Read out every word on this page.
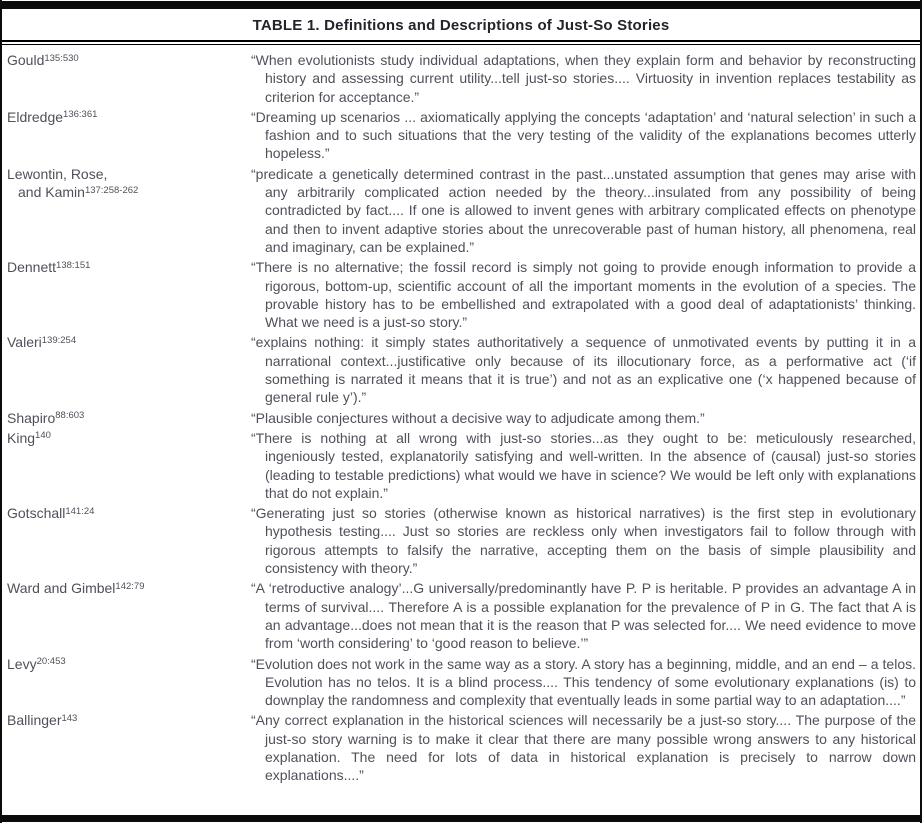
TABLE 1. Definitions and Descriptions of Just-So Stories
Gould$^{135:530}$	“When evolutionists study individual adaptations, when they explain form and behavior by reconstructing history and assessing current utility...tell just-so stories.... Virtuosity in invention replaces testability as criterion for acceptance.”

Eldredge$^{136:361}$	“Dreaming up scenarios ... axiomatically applying the concepts ‘adaptation’ and ‘natural selection’ in such a fashion and to such situations that the very testing of the validity of the explanations becomes utterly hopeless.”

Lewontin, Rose,
and Kamin$^{137:258-262}$	“predicate a genetically determined contrast in the past...unstated assumption that genes may arise with any arbitrarily complicated action needed by the theory...insulated from any possibility of being contradicted by fact.... If one is allowed to invent genes with arbitrary complicated effects on phenotype and then to invent adaptive stories about the unrecoverable past of human history, all phenomena, real and imaginary, can be explained.”

Dennett$^{138:151}$	“There is no alternative; the fossil record is simply not going to provide enough information to provide a rigorous, bottom-up, scientific account of all the important moments in the evolution of a species. The provable history has to be embellished and extrapolated with a good deal of adaptationists’ thinking. What we need is a just-so story.”

Valeri$^{139:254}$	“explains nothing: it simply states authoritatively a sequence of unmotivated events by putting it in a narrational context...justificative only because of its illocutionary force, as a performative act (‘if something is narrated it means that it is true’) and not as an explicative one (‘x happened because of general rule y’).”

Shapiro$^{88:603}$	“Plausible conjectures without a decisive way to adjudicate among them.”

King$^{140}$	“There is nothing at all wrong with just-so stories...as they ought to be: meticulously researched, ingeniously tested, explanatorily satisfying and well-written. In the absence of (causal) just-so stories (leading to testable predictions) what would we have in science? We would be left only with explanations that do not explain.”

Gotschall$^{141:24}$	“Generating just so stories (otherwise known as historical narratives) is the first step in evolutionary hypothesis testing.... Just so stories are reckless only when investigators fail to follow through with rigorous attempts to falsify the narrative, accepting them on the basis of simple plausibility and consistency with theory.”

Ward and Gimbel$^{142:79}$	“A ‘retroductive analogy’...G universally/predominantly have P. P is heritable. P provides an advantage A in terms of survival.... Therefore A is a possible explanation for the prevalence of P in G. The fact that A is an advantage...does not mean that it is the reason that P was selected for.... We need evidence to move from ‘worth considering’ to ‘good reason to believe.’”

Levy$^{20:453}$	“Evolution does not work in the same way as a story. A story has a beginning, middle, and an end – a telos. Evolution has no telos. It is a blind process.... This tendency of some evolutionary explanations (is) to downplay the randomness and complexity that eventually leads in some partial way to an adaptation....”

Ballinger$^{143}$	“Any correct explanation in the historical sciences will necessarily be a just-so story.... The purpose of the just-so story warning is to make it clear that there are many possible wrong answers to any historical explanation. The need for lots of data in historical explanation is precisely to narrow down explanations....”
